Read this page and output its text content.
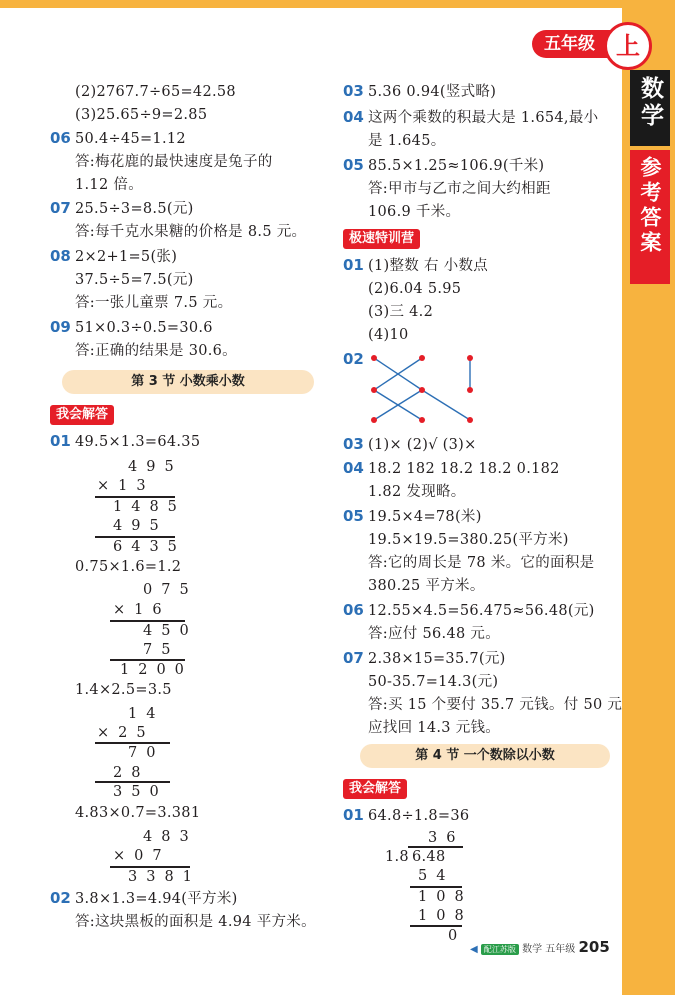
五年级 上
数学
参考答案
(2)2767.7÷65=42.58
(3)25.65÷9=2.85
06 50.4÷45=1.12
答:梅花鹿的最快速度是兔子的
1.12 倍。
07 25.5÷3=8.5(元)
答:每千克水果糖的价格是 8.5 元。
08 2×2+1=5(张)
37.5÷5=7.5(元)
答:一张儿童票 7.5 元。
09 51×0.3÷0.5=30.6
答:正确的结果是 30.6。
第 3 节 小数乘小数
我会解答
01 49.5×1.3=64.35
495
×13
1485
495
6435
0.75×1.6=1.2
075
×16
450
75
1200
1.4×2.5=3.5
14
×25
70
28
350
4.83×0.7=3.381
483
×07
3381
02 3.8×1.3=4.94(平方米)
答:这块黑板的面积是 4.94 平方米。
03 5.36 0.94(竖式略)
04 这两个乘数的积最大是 1.654,最小
是 1.645。
05 85.5×1.25≈106.9(千米)
答:甲市与乙市之间大约相距
106.9 千米。
极速特训营
01 (1)整数 右 小数点
(2)6.04 5.95
(3)三 4.2
(4)10
02
03 (1)× (2)√ (3)×
04 18.2 182 18.2 18.2 0.182
1.82 发现略。
05 19.5×4=78(米)
19.5×19.5=380.25(平方米)
答:它的周长是 78 米。它的面积是
380.25 平方米。
06 12.55×4.5=56.475≈56.48(元)
答:应付 56.48 元。
07 2.38×15=35.7(元)
50-35.7=14.3(元)
答:买 15 个要付 35.7 元钱。付 50 元
应找回 14.3 元钱。
第 4 节 一个数除以小数
我会解答
01 64.8÷1.8=36
36
1.8 6.48
54
108
108
0
◀ 配江苏版 数学 五年级 205
